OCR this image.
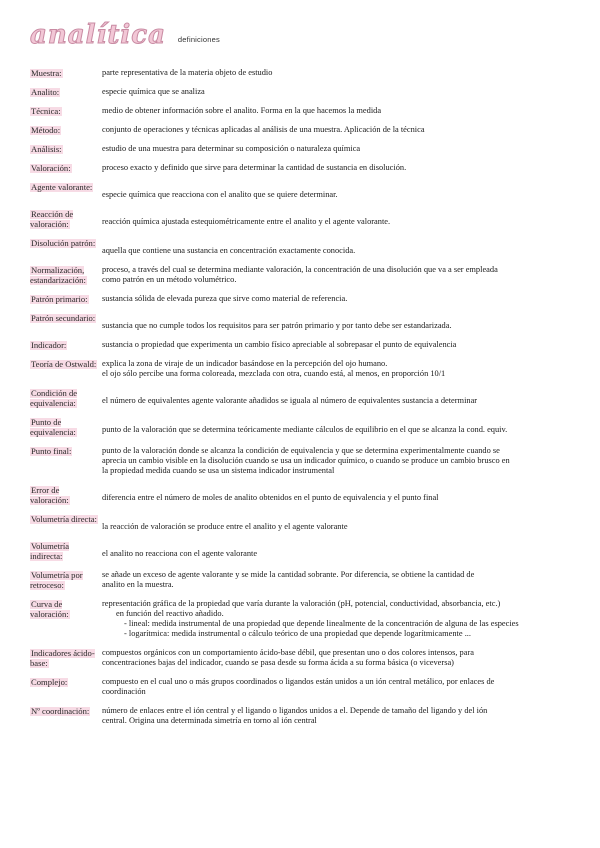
analítica definiciones
Muestra:	parte representativa de la materia objeto de estudio
Analito:	especie química que se analiza
Técnica:	medio de obtener información sobre el analito. Forma en la que hacemos la medida
Método:	conjunto de operaciones y técnicas aplicadas al análisis de una muestra. Aplicación de la técnica
Análisis:	estudio de una muestra para determinar su composición o naturaleza química
Valoración:	proceso exacto y definido que sirve para determinar la cantidad de sustancia en disolución.
Agente valorante:
especie química que reacciona con el analito que se quiere determinar.
Reacción de valoración:	reacción química ajustada estequiométricamente entre el analito y el agente valorante.
Disolución patrón:
aquella que contiene una sustancia en concentración exactamente conocida.
Normalización, estandarización:
proceso, a través del cual se determina mediante valoración, la concentración de una disolución que va a ser empleada
como patrón en un método volumétrico.
Patrón primario:	sustancia sólida de elevada pureza que sirve como material de referencia.
Patrón secundario:
sustancia que no cumple todos los requisitos para ser patrón primario y por tanto debe ser estandarizada.
Indicador:	sustancia o propiedad que experimenta un cambio físico apreciable al sobrepasar el punto de equivalencia
Teoría de Ostwald: explica la zona de viraje de un indicador basándose en la percepción del ojo humano.
el ojo sólo percibe una forma coloreada, mezclada con otra, cuando está, al menos, en proporción 10/1
Condición de equivalencia:	el número de equivalentes agente valorante añadidos se iguala al número de equivalentes sustancia a determinar
Punto de equivalencia:	punto de la valoración que se determina teóricamente mediante cálculos de equilibrio en el que se alcanza la cond. equiv.
Punto final:	punto de la valoración donde se alcanza la condición de equivalencia y que se determina experimentalmente cuando se
aprecia un cambio visible en la disolución cuando se usa un indicador químico, o cuando se produce un cambio brusco en
la propiedad medida cuando se usa un sistema indicador instrumental
Error de valoración:	diferencia entre el número de moles de analito obtenidos en el punto de equivalencia y el punto final
Volumetría directa:
la reacción de valoración se produce entre el analito y el agente valorante
Volumetría indirecta:	el analito no reacciona con el agente valorante
Volumetría por retroceso:
se añade un exceso de agente valorante y se mide la cantidad sobrante. Por diferencia, se obtiene la cantidad de
analito en la muestra.
Curva de valoración:
representación gráfica de la propiedad que varía durante la valoración (pH, potencial, conductividad, absorbancia, etc.)
en función del reactivo añadido.
- lineal: medida instrumental de una propiedad que depende linealmente de la concentración de alguna de las especies
- logarítmica: medida instrumental o cálculo teórico de una propiedad que depende logarítmicamente ...
Indicadores ácido-base:
compuestos orgánicos con un comportamiento ácido-base débil, que presentan uno o dos colores intensos, para
concentraciones bajas del indicador, cuando se pasa desde su forma ácida a su forma básica (o viceversa)
Complejo:	compuesto en el cual uno o más grupos coordinados o ligandos están unidos a un ión central metálico, por enlaces de
coordinación
Nº coordinación:	número de enlaces entre el ión central y el ligando o ligandos unidos a el. Depende de tamaño del ligando y del ión
central. Origina una determinada simetría en torno al ión central
